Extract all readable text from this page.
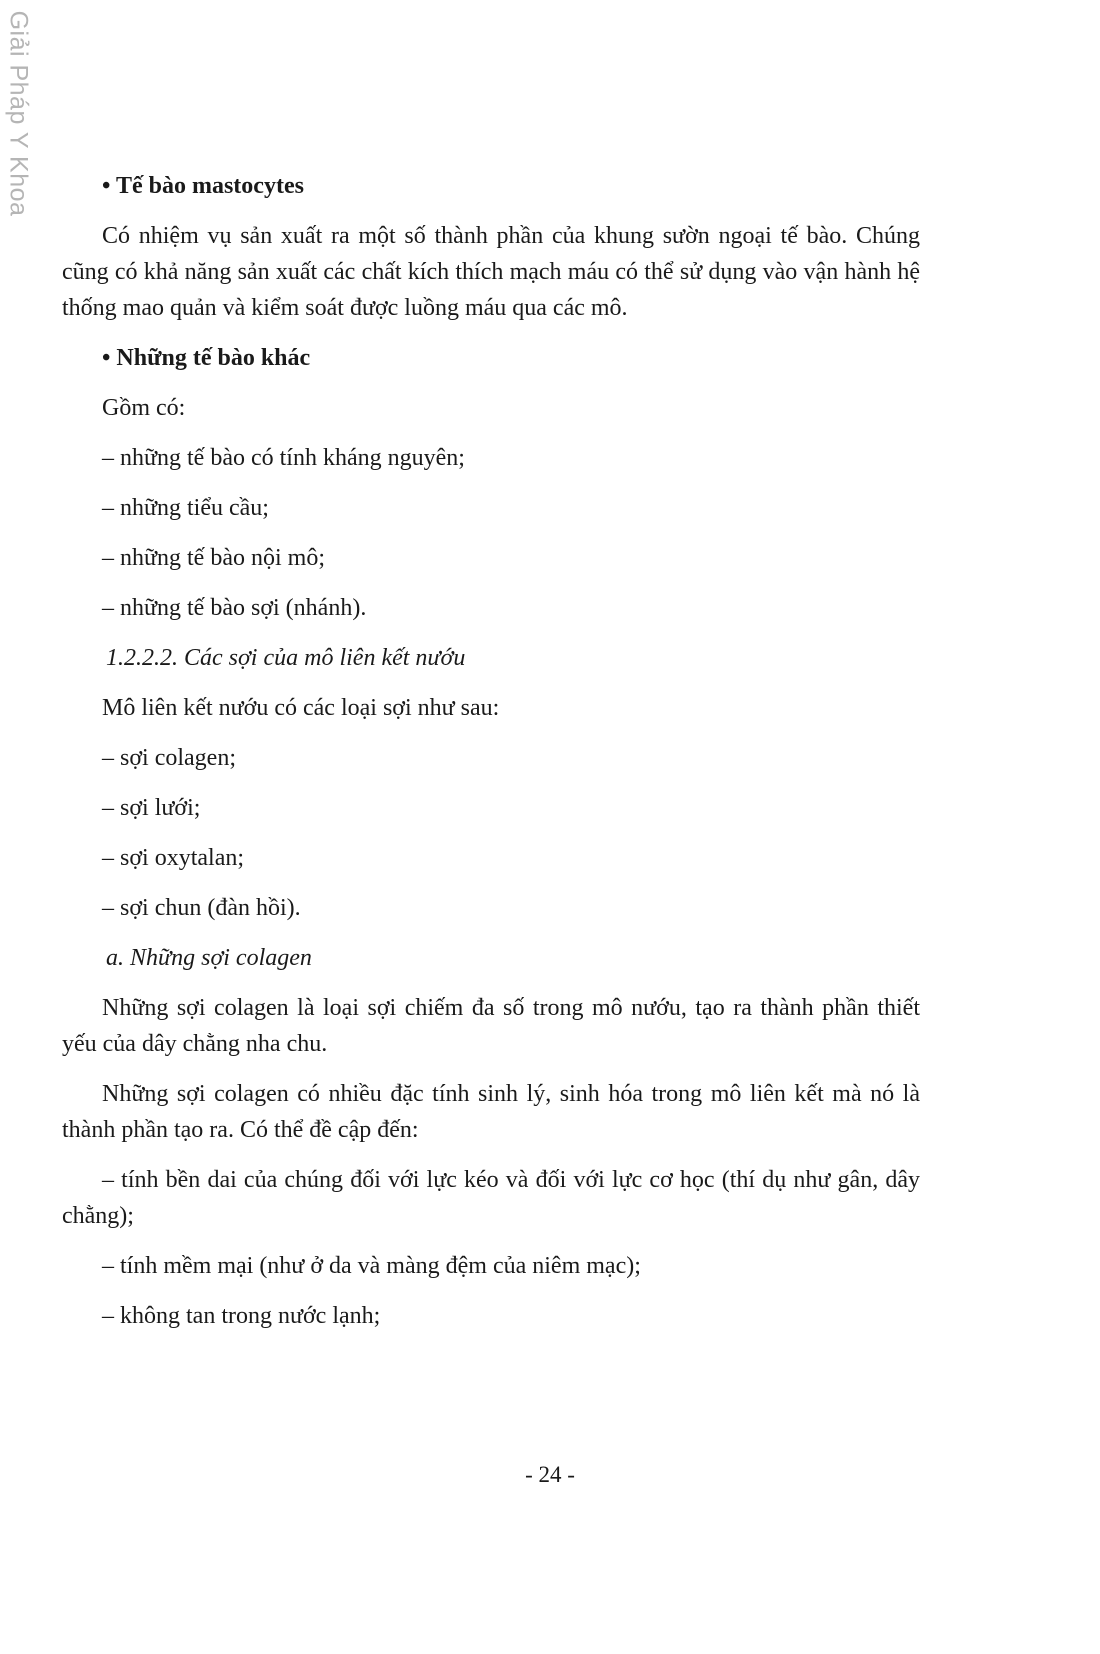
Giải Pháp Y Khoa	• Tế bào mastocytes
Có nhiệm vụ sản xuất ra một số thành phần của khung sườn ngoại tế bào. Chúng cũng có khả năng sản xuất các chất kích thích mạch máu có thể sử dụng vào vận hành hệ thống mao quản và kiểm soát được luồng máu qua các mô.
• Những tế bào khác
Gồm có:
– những tế bào có tính kháng nguyên;
– những tiểu cầu;
– những tế bào nội mô;
– những tế bào sợi (nhánh).
1.2.2.2. Các sợi của mô liên kết nướu
Mô liên kết nướu có các loại sợi như sau:
– sợi colagen;
– sợi lưới;
– sợi oxytalan;
– sợi chun (đàn hồi).
a. Những sợi colagen
Những sợi colagen là loại sợi chiếm đa số trong mô nướu, tạo ra thành phần thiết yếu của dây chằng nha chu.
Những sợi colagen có nhiều đặc tính sinh lý, sinh hóa trong mô liên kết mà nó là thành phần tạo ra. Có thể đề cập đến:
– tính bền dai của chúng đối với lực kéo và đối với lực cơ học (thí dụ như gân, dây chằng);
– tính mềm mại (như ở da và màng đệm của niêm mạc);
– không tan trong nước lạnh;
- 24 -
